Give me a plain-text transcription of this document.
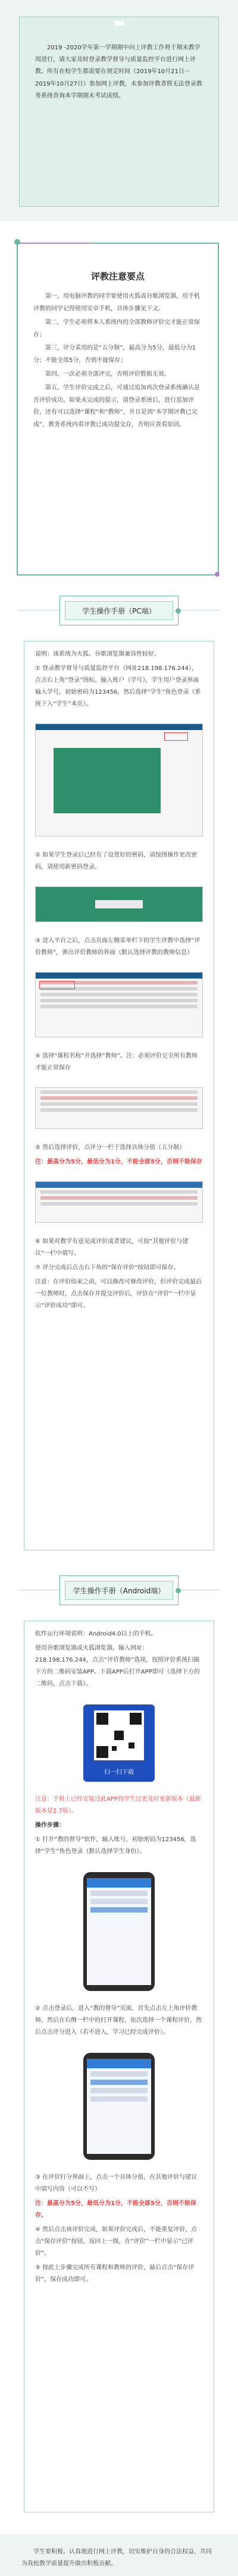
2019 -2020学年第一学期期中向上评教工作将于期末教学周进行，请大家及时登录教学督导与质量监控平台进行网上评教。所有在校学生都需要在规定时间（2019年10月21日－2019年10月27日）参加网上评教，未参加评教者将无法登录教务系统查询本学期期末考试成绩。

评教注意要点

第一，用电脑评教的同学要使用火狐或谷歌浏览器，用手机评教的同学记得使用安卓手机，具体步骤见下文。

第二，学生必须将本人系统内的全部教师评价完才能正常保存；

第三，评分采用的是“五分制”，最高分为5分，最低分为1分；不能全部5分，否则不能保存；

第四，一次必须全部评完，否则评价数据无效。

第五，学生评价完成之后，可通过追加再次登录系统确认是否评价成功。如果未完成的提示，请登录系统后，进行追加评价，还有可以选择“课程“和“教师”，并且是到“本学期评教已完成”，教务系统内看评教已成功提交存，否则应查看原因。

学生操作手册（PC端）

说明：该系统为火狐、谷歌浏览器兼容性较好。

① 登录教学督导与质量监控平台（网址218.198.176.244），点击右上角“登录”图标，输入账户（学号），学生用户登录界面输入学号，初始密码为123456，然后选择“学生”角色登录（系统下入“学生”本页）。

② 如果学生登录后已经有了设置好的密码，请按图操作更改密码，请使用新密码登录。

③ 进入平台之后，点击页面左侧菜单栏下的学生评教中选择“评价教师”，弹出评价教师的界面（默认选择评教的教师信息）

④ 选择“课程名称”并选择“教师”。注：必须评价完全所有教师才能正常保存

⑤ 然后选择评价，点评分一栏于选择具体分值（五分制）

注：最高分为5分，最低分为1分，不能全部5分，否则不能保存

⑥ 如果对教学有意见或评价或者建议，可按“其他评价与建议”一栏中填写。

⑦ 评分完成后点击右下角的“保存评价”按钮即可保存。

注意：在评价结束之前，可以修改可修改评价，但评价完成最后一位教师时，点击保存并提交评价后，评价在“评价”一栏中显示“评价成功”即可。

学生操作手册（Android端）

软件运行环境说明：Android4.0以上的手机。

使用谷歌浏览器或火狐浏览器，输入网址：218.198.176.244，点击“评价教师”选项，按照评价系统扫描下方的二维码安装APP。下载APP后打开APP即可（选择下方的二维码，点击下载）。

扫一扫下载

注意：手机上已经安装过此APP的学生过更及时更新版本（最新版本是2.7版）。

操作步骤：

① 打开“教的督导”软件，输入账号，初始密码为123456，选择“学生”角色登录（默认选择学生身份）。

② 点击登录后，进入“教的督导”页面，首先点击左上角评价教师，然后在右侧一栏中的打开课程，依次选择一个课程评价，然后点击评分进入（若不进入，学习已经完成评价）。

③ 在评价打分界面上，点击一个具体分值，在其他评价与建议中填写内容（可以不写）

注：最高分为5分，最低分为1分，不能全部5分，否则不能保存。

④ 然后点击该评价完成，如果评价完成后，不能重复评价，点击“保存评价”按钮，返回上一级，在“评价”一栏中显示“已评价”。

⑤ 按此上步骤完成所有课程和教师的评价，最后点击“保存评价”，保存成功即可。

学生要积极、认真地进行网上评教，切实维护自身的合法权益，共同为我校教学质量提升做出积极贡献。
